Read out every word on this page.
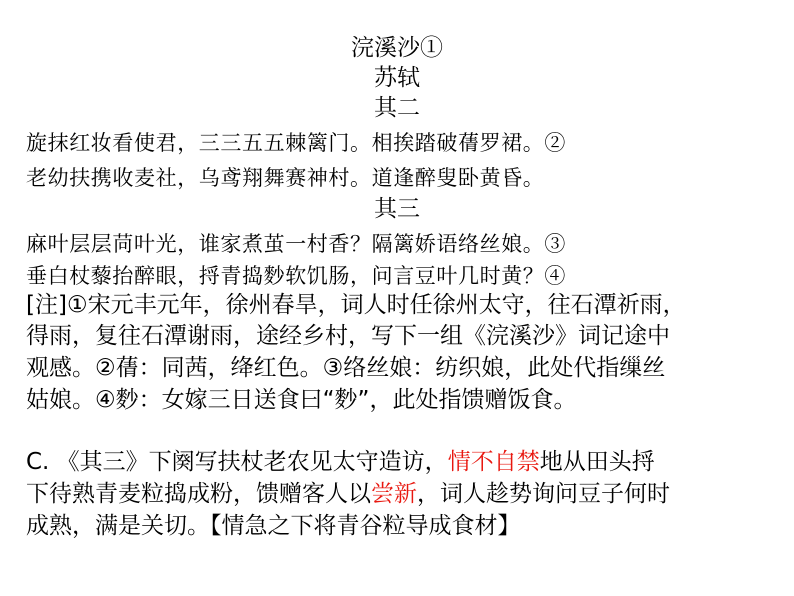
浣溪沙①
苏轼
其二
旋抹红妆看使君，三三五五棘篱门。相挨踏破蒨罗裙。②
老幼扶携收麦社，乌鸢翔舞赛神村。道逢醉叟卧黄昏。
其三
麻叶层层苘叶光，谁家煮茧一村香？隔篱娇语络丝娘。③
垂白杖藜抬醉眼，捋青捣麨软饥肠，问言豆叶几时黄？④
[注]①宋元丰元年，徐州春旱，词人时任徐州太守，往石潭祈雨，
得雨，复往石潭谢雨，途经乡村，写下一组《浣溪沙》词记途中
观感。②蒨：同茜，绛红色。③络丝娘：纺织娘，此处代指缫丝
姑娘。④麨：女嫁三日送食曰“麨”，此处指馈赠饭食。
C. 《其三》下阕写扶杖老农见太守造访，情不自禁地从田头捋
下待熟青麦粒捣成粉，馈赠客人以尝新，词人趁势询问豆子何时
成熟，满是关切。【情急之下将青谷粒导成食材】
